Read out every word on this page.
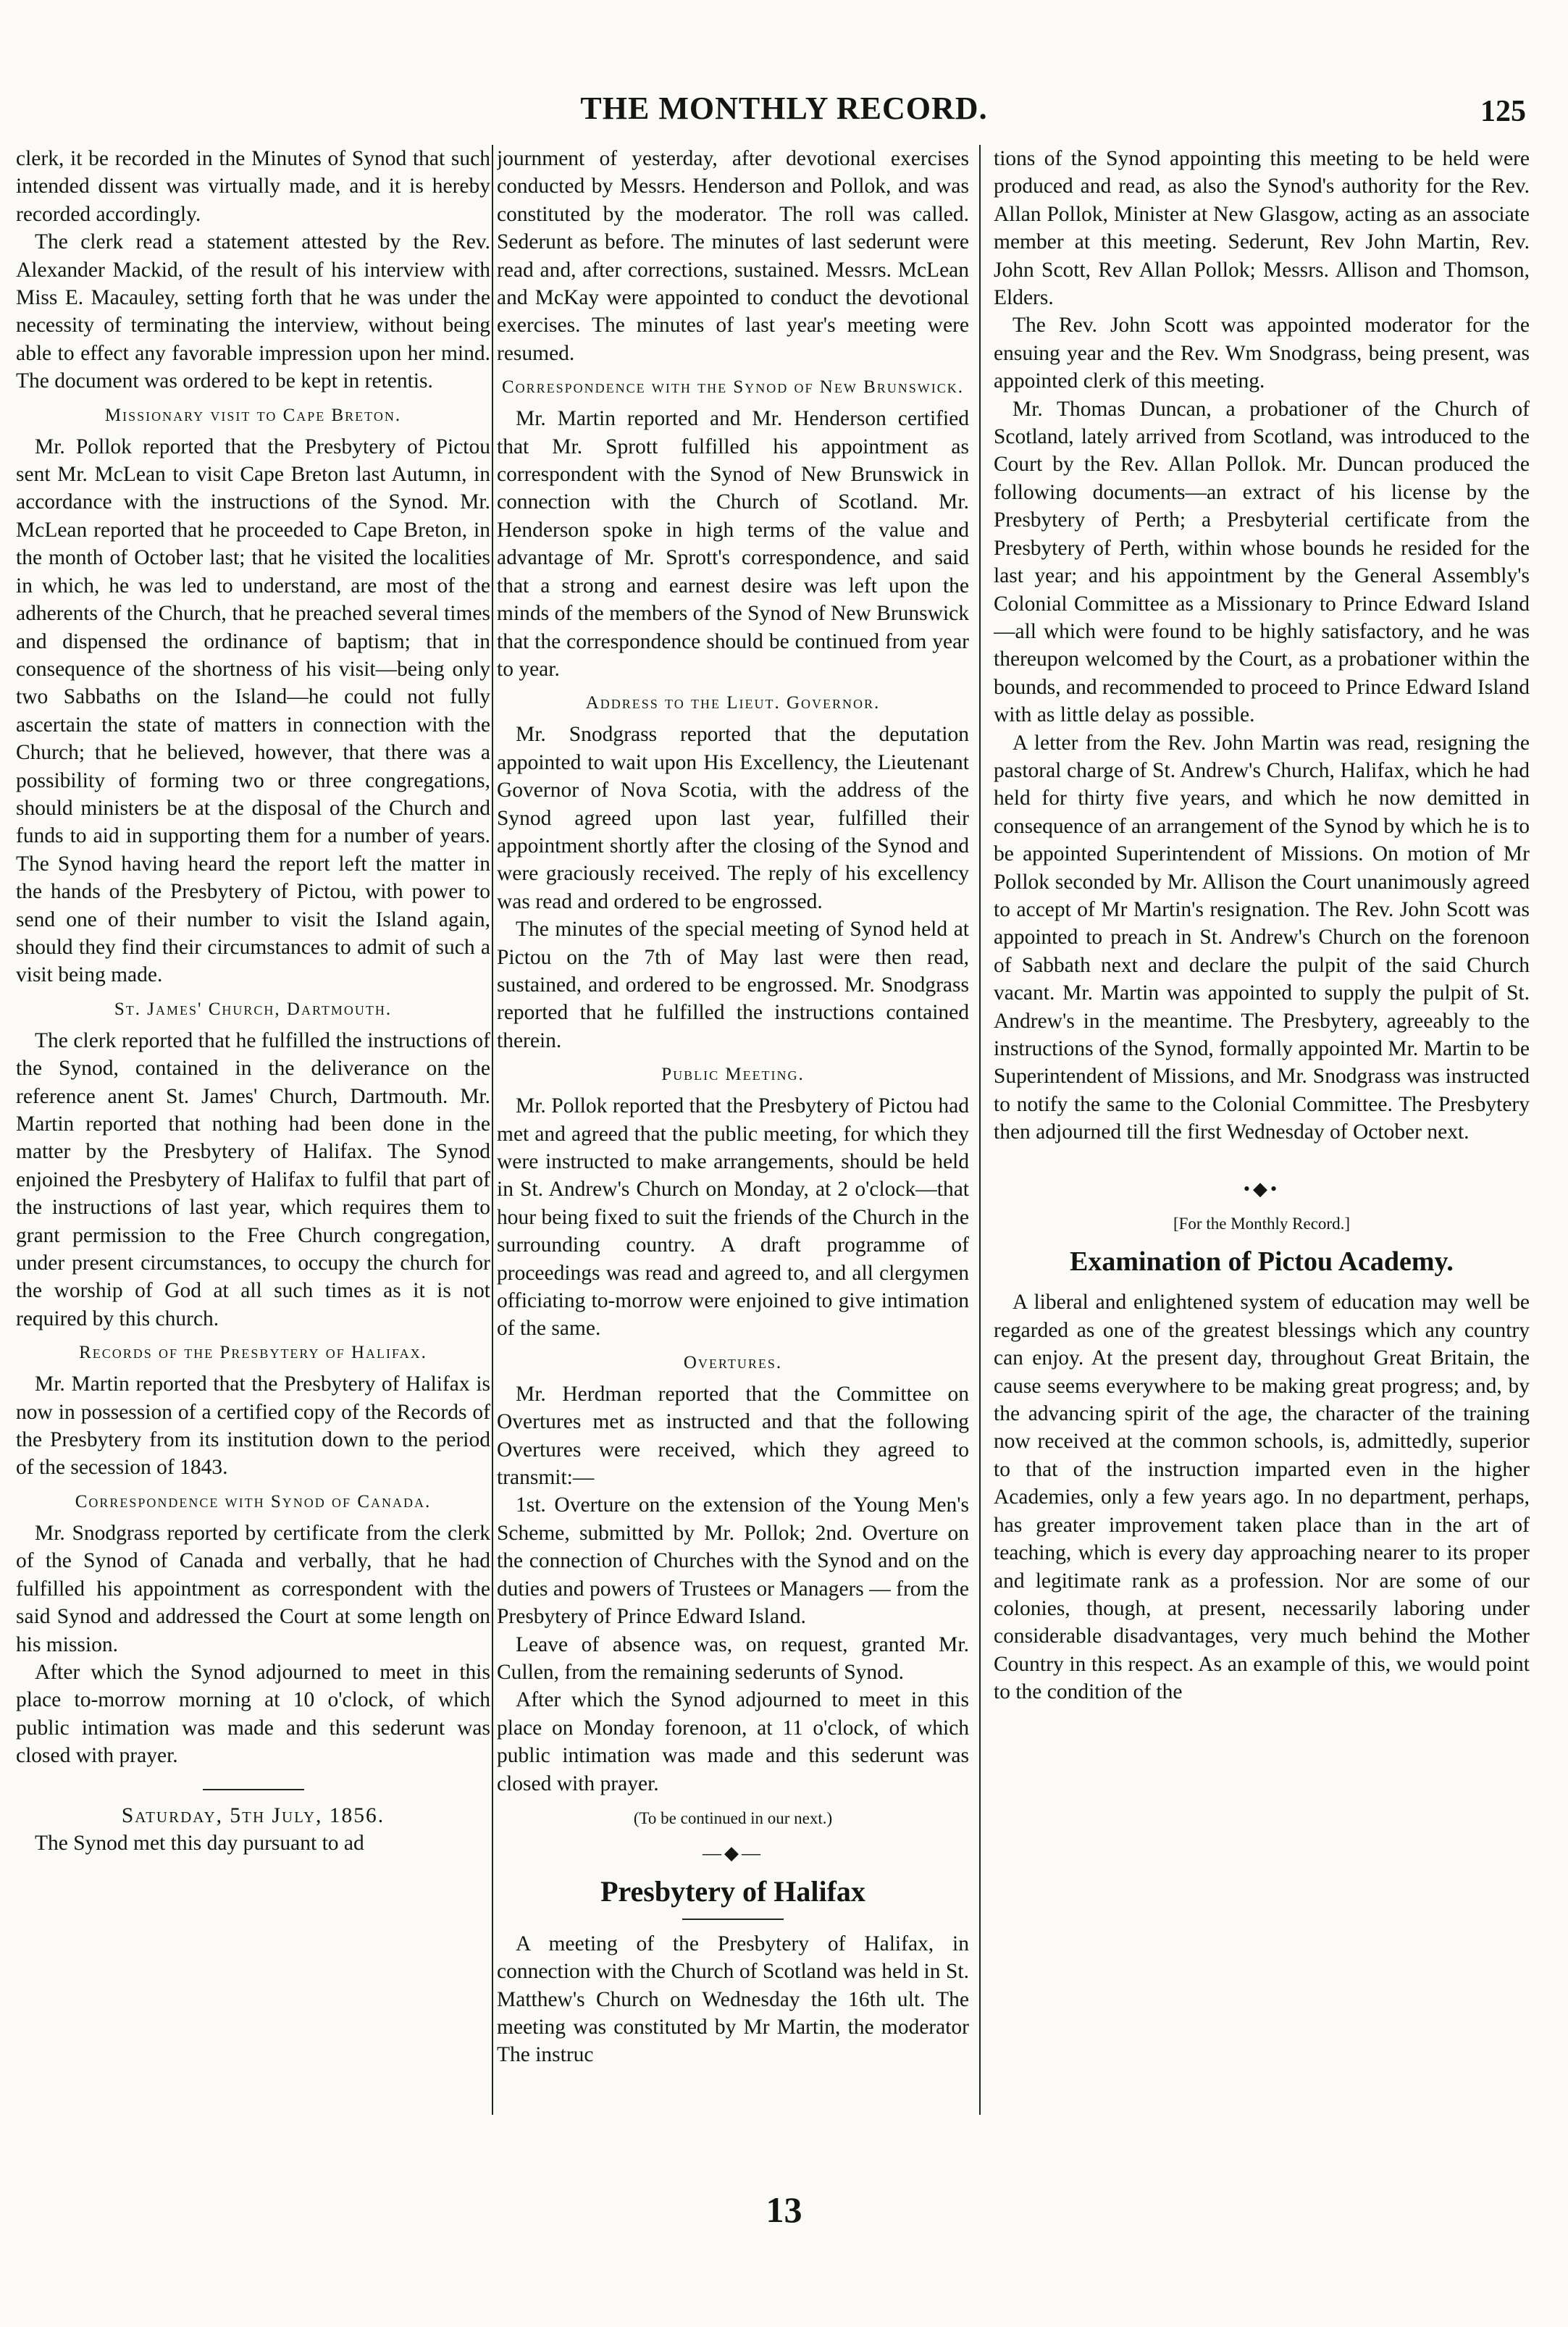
THE MONTHLY RECORD.	125

clerk, it be recorded in the Minutes of Synod that such intended dissent was virtually made, and it is hereby recorded accordingly.

The clerk read a statement attested by the Rev. Alexander Mackid, of the result of his interview with Miss E. Macauley, setting forth that he was under the necessity of terminating the interview, without being able to effect any favorable impression upon her mind. The document was ordered to be kept in retentis.

Missionary visit to Cape Breton.

Mr. Pollok reported that the Presbytery of Pictou sent Mr. McLean to visit Cape Breton last Autumn, in accordance with the instructions of the Synod. Mr. McLean reported that he proceeded to Cape Breton, in the month of October last; that he visited the localities in which, he was led to understand, are most of the adherents of the Church, that he preached several times and dispensed the ordinance of baptism; that in consequence of the shortness of his visit—being only two Sabbaths on the Island—he could not fully ascertain the state of matters in connection with the Church; that he believed, however, that there was a possibility of forming two or three congregations, should ministers be at the disposal of the Church and funds to aid in supporting them for a number of years. The Synod having heard the report left the matter in the hands of the Presbytery of Pictou, with power to send one of their number to visit the Island again, should they find their circumstances to admit of such a visit being made.

St. James' Church, Dartmouth.

The clerk reported that he fulfilled the instructions of the Synod, contained in the deliverance on the reference anent St. James' Church, Dartmouth. Mr. Martin reported that nothing had been done in the matter by the Presbytery of Halifax. The Synod enjoined the Presbytery of Halifax to fulfil that part of the instructions of last year, which requires them to grant permission to the Free Church congregation, under present circumstances, to occupy the church for the worship of God at all such times as it is not required by this church.

Records of the Presbytery of Halifax.

Mr. Martin reported that the Presbytery of Halifax is now in possession of a certified copy of the Records of the Presbytery from its institution down to the period of the secession of 1843.

Correspondence with Synod of Canada.

Mr. Snodgrass reported by certificate from the clerk of the Synod of Canada and verbally, that he had fulfilled his appointment as correspondent with the said Synod and addressed the Court at some length on his mission.

After which the Synod adjourned to meet in this place to-morrow morning at 10 o'clock, of which public intimation was made and this sederunt was closed with prayer.

Saturday, 5th July, 1856.

The Synod met this day pursuant to ad

journment of yesterday, after devotional exercises conducted by Messrs. Henderson and Pollok, and was constituted by the moderator. The roll was called. Sederunt as before. The minutes of last sederunt were read and, after corrections, sustained. Messrs. McLean and McKay were appointed to conduct the devotional exercises. The minutes of last year's meeting were resumed.

Correspondence with the Synod of New Brunswick.

Mr. Martin reported and Mr. Henderson certified that Mr. Sprott fulfilled his appointment as correspondent with the Synod of New Brunswick in connection with the Church of Scotland. Mr. Henderson spoke in high terms of the value and advantage of Mr. Sprott's correspondence, and said that a strong and earnest desire was left upon the minds of the members of the Synod of New Brunswick that the correspondence should be continued from year to year.

Address to the Lieut. Governor.

Mr. Snodgrass reported that the deputation appointed to wait upon His Excellency, the Lieutenant Governor of Nova Scotia, with the address of the Synod agreed upon last year, fulfilled their appointment shortly after the closing of the Synod and were graciously received. The reply of his excellency was read and ordered to be engrossed.

The minutes of the special meeting of Synod held at Pictou on the 7th of May last were then read, sustained, and ordered to be engrossed. Mr. Snodgrass reported that he fulfilled the instructions contained therein.

Public Meeting.

Mr. Pollok reported that the Presbytery of Pictou had met and agreed that the public meeting, for which they were instructed to make arrangements, should be held in St. Andrew's Church on Monday, at 2 o'clock—that hour being fixed to suit the friends of the Church in the surrounding country. A draft programme of proceedings was read and agreed to, and all clergymen officiating to-morrow were enjoined to give intimation of the same.

Overtures.

Mr. Herdman reported that the Committee on Overtures met as instructed and that the following Overtures were received, which they agreed to transmit:—

1st. Overture on the extension of the Young Men's Scheme, submitted by Mr. Pollok; 2nd. Overture on the connection of Churches with the Synod and on the duties and powers of Trustees or Managers — from the Presbytery of Prince Edward Island.

Leave of absence was, on request, granted Mr. Cullen, from the remaining sederunts of Synod.

After which the Synod adjourned to meet in this place on Monday forenoon, at 11 o'clock, of which public intimation was made and this sederunt was closed with prayer.

(To be continued in our next.)

—◆—
Presbytery of Halifax

A meeting of the Presbytery of Halifax, in connection with the Church of Scotland was held in St. Matthew's Church on Wednesday the 16th ult. The meeting was constituted by Mr Martin, the moderator The instruc

tions of the Synod appointing this meeting to be held were produced and read, as also the Synod's authority for the Rev. Allan Pollok, Minister at New Glasgow, acting as an associate member at this meeting. Sederunt, Rev John Martin, Rev. John Scott, Rev Allan Pollok; Messrs. Allison and Thomson, Elders.

The Rev. John Scott was appointed moderator for the ensuing year and the Rev. Wm Snodgrass, being present, was appointed clerk of this meeting.

Mr. Thomas Duncan, a probationer of the Church of Scotland, lately arrived from Scotland, was introduced to the Court by the Rev. Allan Pollok. Mr. Duncan produced the following documents—an extract of his license by the Presbytery of Perth; a Presbyterial certificate from the Presbytery of Perth, within whose bounds he resided for the last year; and his appointment by the General Assembly's Colonial Committee as a Missionary to Prince Edward Island—all which were found to be highly satisfactory, and he was thereupon welcomed by the Court, as a probationer within the bounds, and recommended to proceed to Prince Edward Island with as little delay as possible.

A letter from the Rev. John Martin was read, resigning the pastoral charge of St. Andrew's Church, Halifax, which he had held for thirty five years, and which he now demitted in consequence of an arrangement of the Synod by which he is to be appointed Superintendent of Missions. On motion of Mr Pollok seconded by Mr. Allison the Court unanimously agreed to accept of Mr Martin's resignation. The Rev. John Scott was appointed to preach in St. Andrew's Church on the forenoon of Sabbath next and declare the pulpit of the said Church vacant. Mr. Martin was appointed to supply the pulpit of St. Andrew's in the meantime. The Presbytery, agreeably to the instructions of the Synod, formally appointed Mr. Martin to be Superintendent of Missions, and Mr. Snodgrass was instructed to notify the same to the Colonial Committee. The Presbytery then adjourned till the first Wednesday of October next.

•◆•

[For the Monthly Record.]

Examination of Pictou Academy.

A liberal and enlightened system of education may well be regarded as one of the greatest blessings which any country can enjoy. At the present day, throughout Great Britain, the cause seems everywhere to be making great progress; and, by the advancing spirit of the age, the character of the training now received at the common schools, is, admittedly, superior to that of the instruction imparted even in the higher Academies, only a few years ago. In no department, perhaps, has greater improvement taken place than in the art of teaching, which is every day approaching nearer to its proper and legitimate rank as a profession. Nor are some of our colonies, though, at present, necessarily laboring under considerable disadvantages, very much behind the Mother Country in this respect. As an example of this, we would point to the condition of the

13
